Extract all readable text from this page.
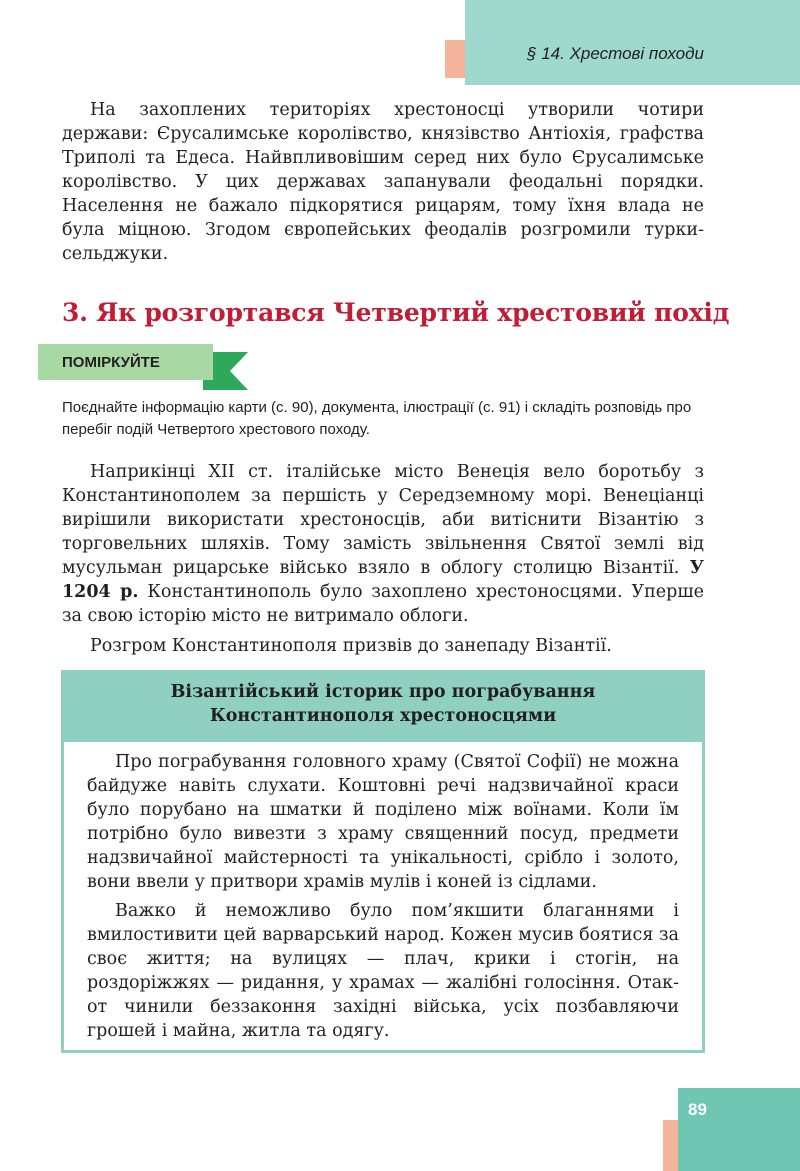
§ 14. Хрестові походи

На захоплених територіях хрестоносці утворили чотири держави: Єрусалимське королівство, князівство Антіохія, графства Триполі та Едеса. Найвпливовішим серед них було Єрусалимське королівство. У цих державах запанували феодальні порядки. Населення не бажало підкорятися рицарям, тому їхня влада не була міцною. Згодом європейських феодалів розгромили турки-сельджуки.

3. Як розгортався Четвертий хрестовий похід
ПОМІРКУЙТЕ

Поєднайте інформацію карти (с. 90), документа, ілюстрації (с. 91) і складіть розповідь про перебіг подій Четвертого хрестового походу.

Наприкінці XII ст. італійське місто Венеція вело боротьбу з Константинополем за першість у Середземному морі. Венеціанці вирішили використати хрестоносців, аби витіснити Візантію з торговельних шляхів. Тому замість звільнення Святої землі від мусульман рицарське військо взяло в облогу столицю Візантії. У 1204 р. Константинополь було захоплено хрестоносцями. Уперше за свою історію місто не витримало облоги.

Розгром Константинополя призвів до занепаду Візантії.

Візантійський історик про пограбування
Константинополя хрестоносцями

Про пограбування головного храму (Святої Софії) не можна байдуже навіть слухати. Коштовні речі надзвичайної краси було порубано на шматки й поділено між воїнами. Коли їм потрібно було вивезти з храму священний посуд, предмети надзвичайної майстерності та унікальності, срібло і золото, вони ввели у притвори храмів мулів і коней із сідлами.

Важко й неможливо було пом’якшити благаннями і вмилостивити цей варварський народ. Кожен мусив боятися за своє життя; на вулицях — плач, крики і стогін, на роздоріжжях — ридання, у храмах — жалібні голосіння. Отак-от чинили беззаконня західні війська, усіх позбавляючи грошей і майна, житла та одягу.

89
